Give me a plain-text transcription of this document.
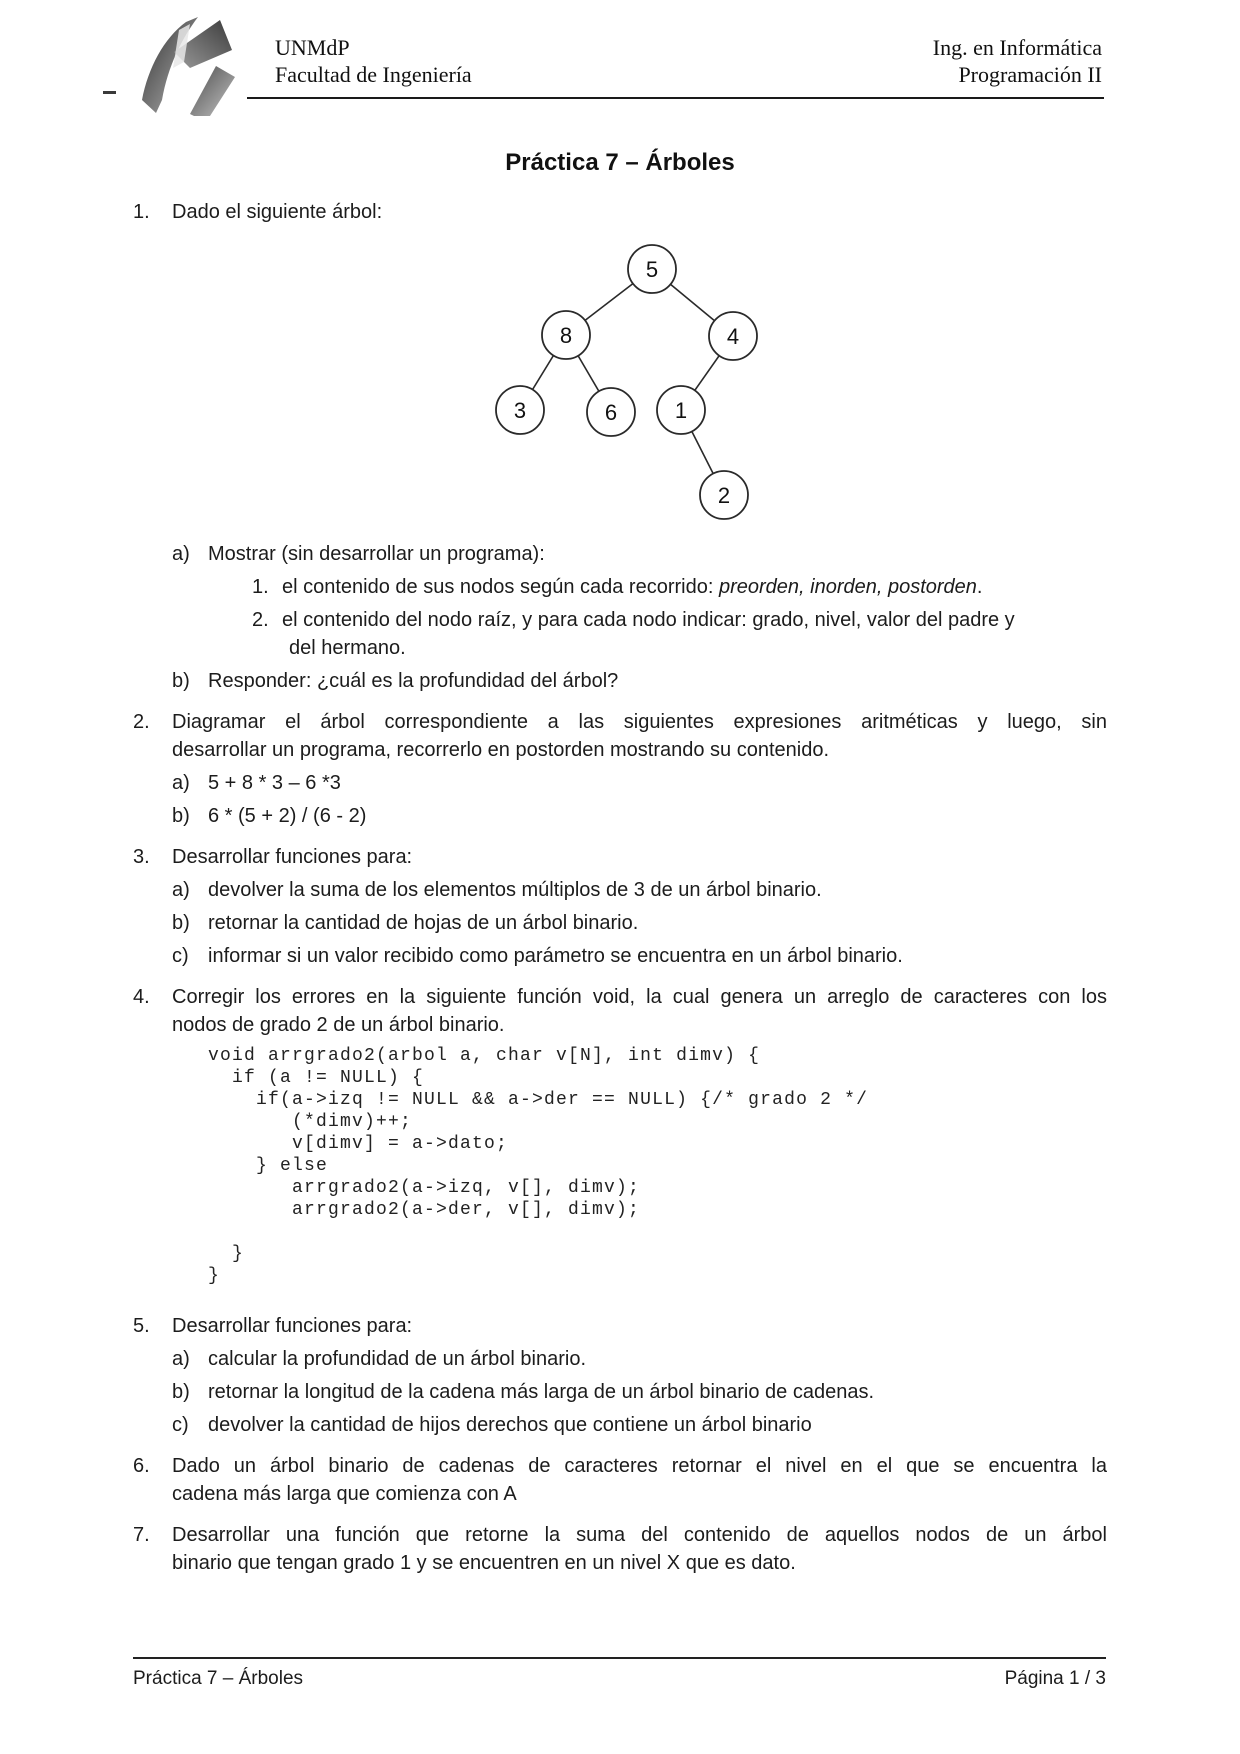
UNMdP
Facultad de Ingeniería
Ing. en Informática
Programación II
Práctica 7 – Árboles
1.	Dado el siguiente árbol:
5
8	4
3	6	1
2
a) Mostrar (sin desarrollar un programa):
1. el contenido de sus nodos según cada recorrido: preorden, inorden, postorden.
2. el contenido del nodo raíz, y para cada nodo indicar: grado, nivel, valor del padre y
del hermano.
b) Responder: ¿cuál es la profundidad del árbol?
2.	Diagramar el árbol correspondiente a las siguientes expresiones aritméticas y luego, sin
desarrollar un programa, recorrerlo en postorden mostrando su contenido.
a) 5 + 8 * 3 – 6 *3
b) 6 * (5 + 2) / (6 - 2)
3.	Desarrollar funciones para:
a) devolver la suma de los elementos múltiplos de 3 de un árbol binario.
b) retornar la cantidad de hojas de un árbol binario.
c) informar si un valor recibido como parámetro se encuentra en un árbol binario.
4.	Corregir los errores en la siguiente función void, la cual genera un arreglo de caracteres con los
nodos de grado 2 de un árbol binario.
void arrgrado2(arbol a, char v[N], int dimv) {
if (a != NULL) {
if(a->izq != NULL && a->der == NULL) {/* grado 2 */
(*dimv)++;
v[dimv] = a->dato;
} else
arrgrado2(a->izq, v[], dimv);
arrgrado2(a->der, v[], dimv);
}
}
5.	Desarrollar funciones para:
a) calcular la profundidad de un árbol binario.
b) retornar la longitud de la cadena más larga de un árbol binario de cadenas.
c) devolver la cantidad de hijos derechos que contiene un árbol binario
6.	Dado un árbol binario de cadenas de caracteres retornar el nivel en el que se encuentra la
cadena más larga que comienza con A
7.	Desarrollar una función que retorne la suma del contenido de aquellos nodos de un árbol
binario que tengan grado 1 y se encuentren en un nivel X que es dato.
Práctica 7 – Árboles	Página 1 / 3
